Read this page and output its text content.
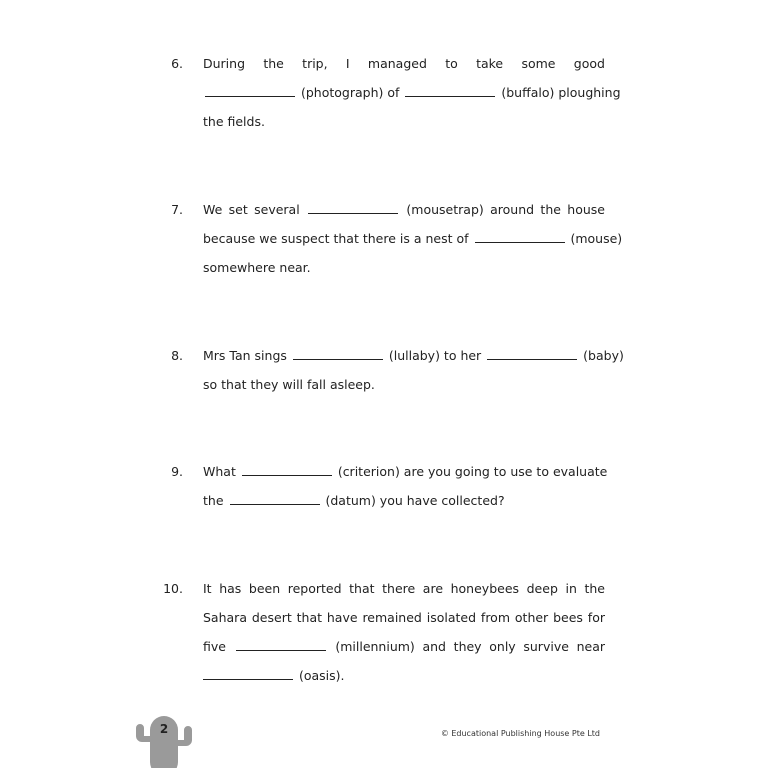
6. During the trip, I managed to take some good
(photograph) of	(buffalo) ploughing
the fields.
7. We set several	(mousetrap) around the house
because we suspect that there is a nest of	(mouse)
somewhere near.
8. Mrs Tan sings	(lullaby) to her	(baby)
so that they will fall asleep.
9. What	(criterion) are you going to use to evaluate
the	(datum) you have collected?
10. It has been reported that there are honeybees deep in the
Sahara desert that have remained isolated from other bees for
five	(millennium) and they only survive near
(oasis).
2	© Educational Publishing House Pte Ltd
